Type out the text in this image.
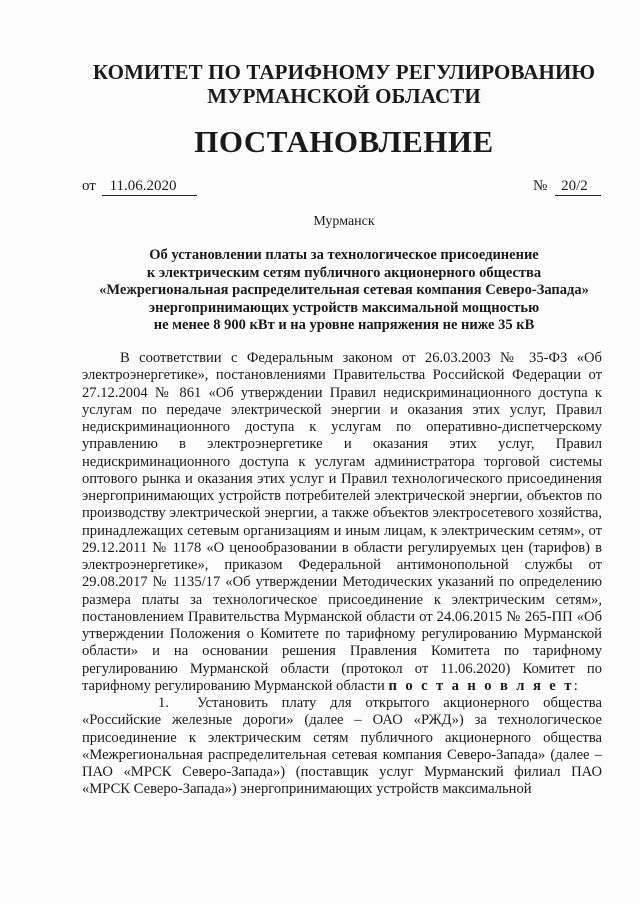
КОМИТЕТ ПО ТАРИФНОМУ РЕГУЛИРОВАНИЮ
МУРМАНСКОЙ ОБЛАСТИ
ПОСТАНОВЛЕНИЕ
от 11.06.2020	№ 20/2
Мурманск
Об установлении платы за технологическое присоединение
к электрическим сетям публичного акционерного общества
«Межрегиональная распределительная сетевая компания Северо-Запада»
энергопринимающих устройств максимальной мощностью
не менее 8 900 кВт и на уровне напряжения не ниже 35 кВ

В соответствии с Федеральным законом от 26.03.2003 № 35-ФЗ «Об электроэнергетике», постановлениями Правительства Российской Федерации от 27.12.2004 № 861 «Об утверждении Правил недискриминационного доступа к услугам по передаче электрической энергии и оказания этих услуг, Правил недискриминационного доступа к услугам по оперативно-диспетчерскому управлению в электроэнергетике и оказания этих услуг, Правил недискриминационного доступа к услугам администратора торговой системы оптового рынка и оказания этих услуг и Правил технологического присоединения энергопринимающих устройств потребителей электрической энергии, объектов по производству электрической энергии, а также объектов электросетевого хозяйства, принадлежащих сетевым организациям и иным лицам, к электрическим сетям», от 29.12.2011 № 1178 «О ценообразовании в области регулируемых цен (тарифов) в электроэнергетике», приказом Федеральной антимонопольной службы от 29.08.2017 № 1135/17 «Об утверждении Методических указаний по определению размера платы за технологическое присоединение к электрическим сетям», постановлением Правительства Мурманской области от 24.06.2015 № 265-ПП «Об утверждении Положения о Комитете по тарифному регулированию Мурманской области» и на основании решения Правления Комитета по тарифному регулированию Мурманской области (протокол от 11.06.2020) Комитет по тарифному регулированию Мурманской области п о с т а н о в л я е т:

1. Установить плату для открытого акционерного общества «Российские железные дороги» (далее – ОАО «РЖД») за технологическое присоединение к электрическим сетям публичного акционерного общества «Межрегиональная распределительная сетевая компания Северо-Запада» (далее – ПАО «МРСК Северо-Запада») (поставщик услуг Мурманский филиал ПАО «МРСК Северо-Запада») энергопринимающих устройств максимальной
